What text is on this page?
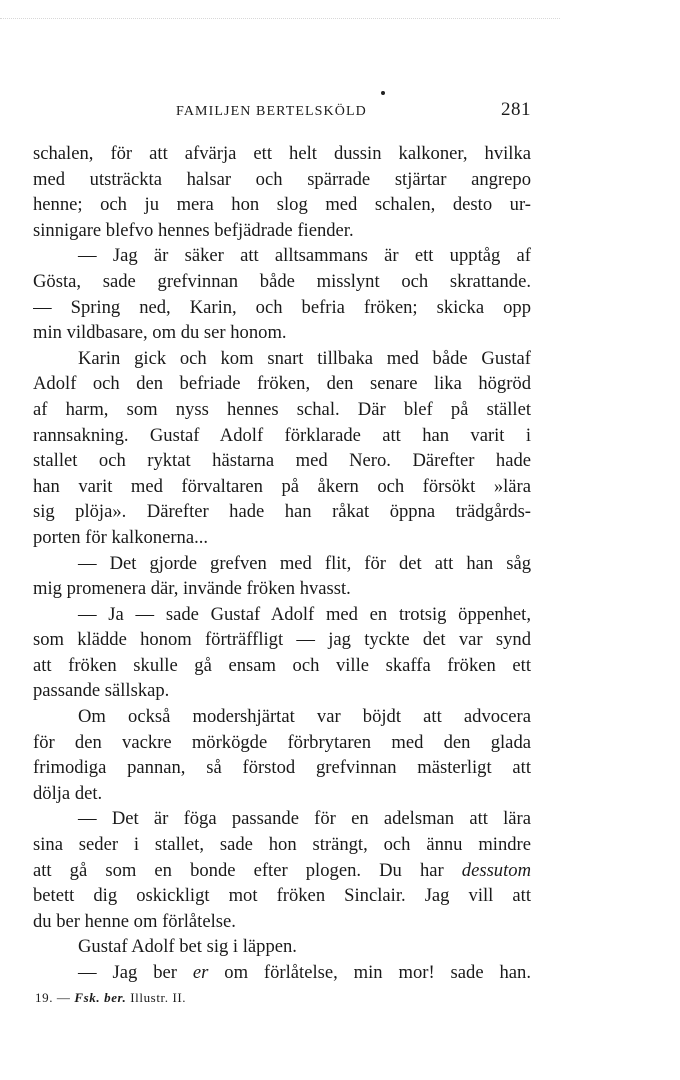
FAMILJEN BERTELSKÖLD	281
schalen, för att afvärja ett helt dussin kalkoner, hvilka
med utsträckta halsar och spärrade stjärtar angrepo
henne; och ju mera hon slog med schalen, desto ur-
sinnigare blefvo hennes befjädrade fiender.
— Jag är säker att alltsammans är ett upptåg af
Gösta, sade grefvinnan både misslynt och skrattande.
— Spring ned, Karin, och befria fröken; skicka opp
min vildbasare, om du ser honom.
Karin gick och kom snart tillbaka med både Gustaf
Adolf och den befriade fröken, den senare lika högröd
af harm, som nyss hennes schal. Där blef på stället
rannsakning. Gustaf Adolf förklarade att han varit i
stallet och ryktat hästarna med Nero. Därefter hade
han varit med förvaltaren på åkern och försökt »lära
sig plöja». Därefter hade han råkat öppna trädgårds-
porten för kalkonerna...
— Det gjorde grefven med flit, för det att han såg
mig promenera där, invände fröken hvasst.
— Ja — sade Gustaf Adolf med en trotsig öppenhet,
som klädde honom förträffligt — jag tyckte det var synd
att fröken skulle gå ensam och ville skaffa fröken ett
passande sällskap.
Om också modershjärtat var böjdt att advocera
för den vackre mörkögde förbrytaren med den glada
frimodiga pannan, så förstod grefvinnan mästerligt att
dölja det.
— Det är föga passande för en adelsman att lära
sina seder i stallet, sade hon strängt, och ännu mindre
att gå som en bonde efter plogen. Du har dessutom
betett dig oskickligt mot fröken Sinclair. Jag vill att
du ber henne om förlåtelse.
Gustaf Adolf bet sig i läppen.
— Jag ber er om förlåtelse, min mor! sade han.
19. — Fsk. ber. Illustr. II.
